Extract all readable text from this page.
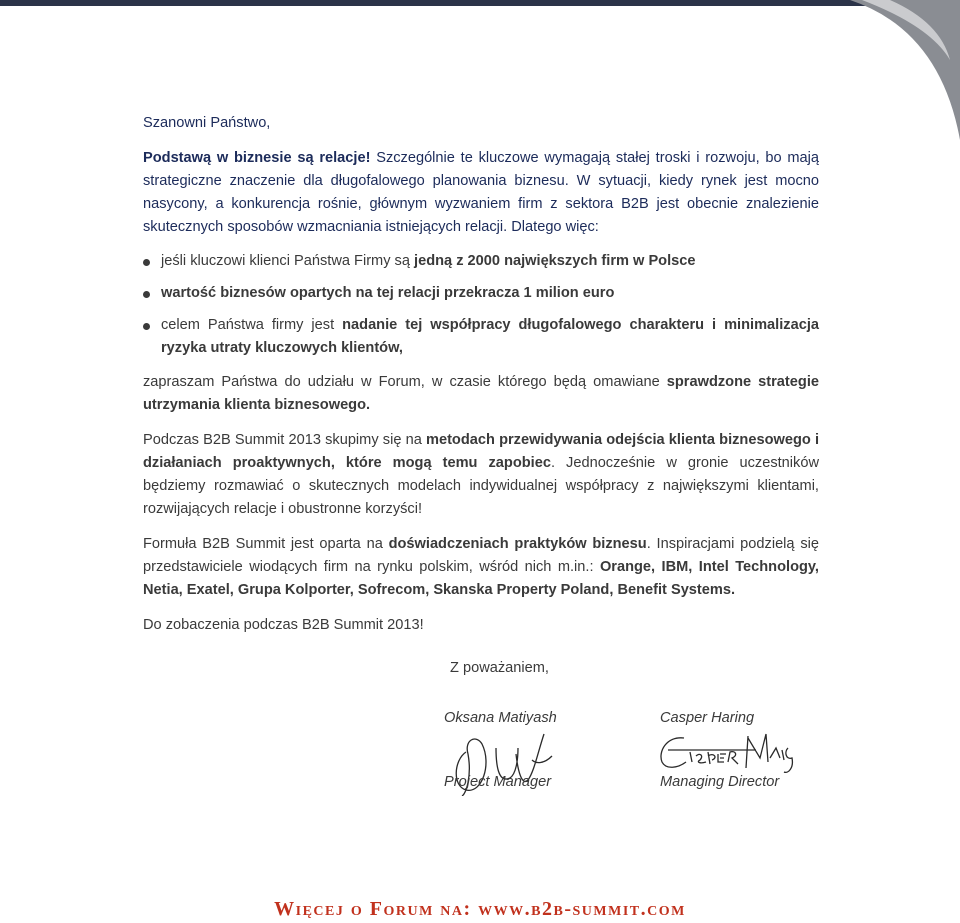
Szanowni Państwo,

Podstawą w biznesie są relacje! Szczególnie te kluczowe wymagają stałej troski i rozwoju, bo mają strategiczne znaczenie dla długofalowego planowania biznesu. W sytuacji, kiedy rynek jest mocno nasycony, a konkurencja rośnie, głównym wyzwaniem firm z sektora B2B jest obecnie znalezienie skutecznych sposobów wzmacniania istniejących relacji. Dlatego więc:

jeśli kluczowi klienci Państwa Firmy są jedną z 2000 największych firm w Polsce

wartość biznesów opartych na tej relacji przekracza 1 milion euro

celem Państwa firmy jest nadanie tej współpracy długofalowego charakteru i minimalizacja ryzyka utraty kluczowych klientów,

zapraszam Państwa do udziału w Forum, w czasie którego będą omawiane sprawdzone strategie utrzymania klienta biznesowego.

Podczas B2B Summit 2013 skupimy się na metodach przewidywania odejścia klienta biznesowego i działaniach proaktywnych, które mogą temu zapobiec. Jednocześnie w gronie uczestników będziemy rozmawiać o skutecznych modelach indywidualnej współpracy z największymi klientami, rozwijających relacje i obustronne korzyści!

Formuła B2B Summit jest oparta na doświadczeniach praktyków biznesu. Inspiracjami podzielą się przedstawiciele wiodących firm na rynku polskim, wśród nich m.in.: Orange, IBM, Intel Technology, Netia, Exatel, Grupa Kolporter, Sofrecom, Skanska Property Poland, Benefit Systems.

Do zobaczenia podczas B2B Summit 2013!

Z poważaniem,
Oksana Matiyash
Project Manager
Casper Haring
Managing Director
Więcej o Forum na: www.b2b-summit.com
